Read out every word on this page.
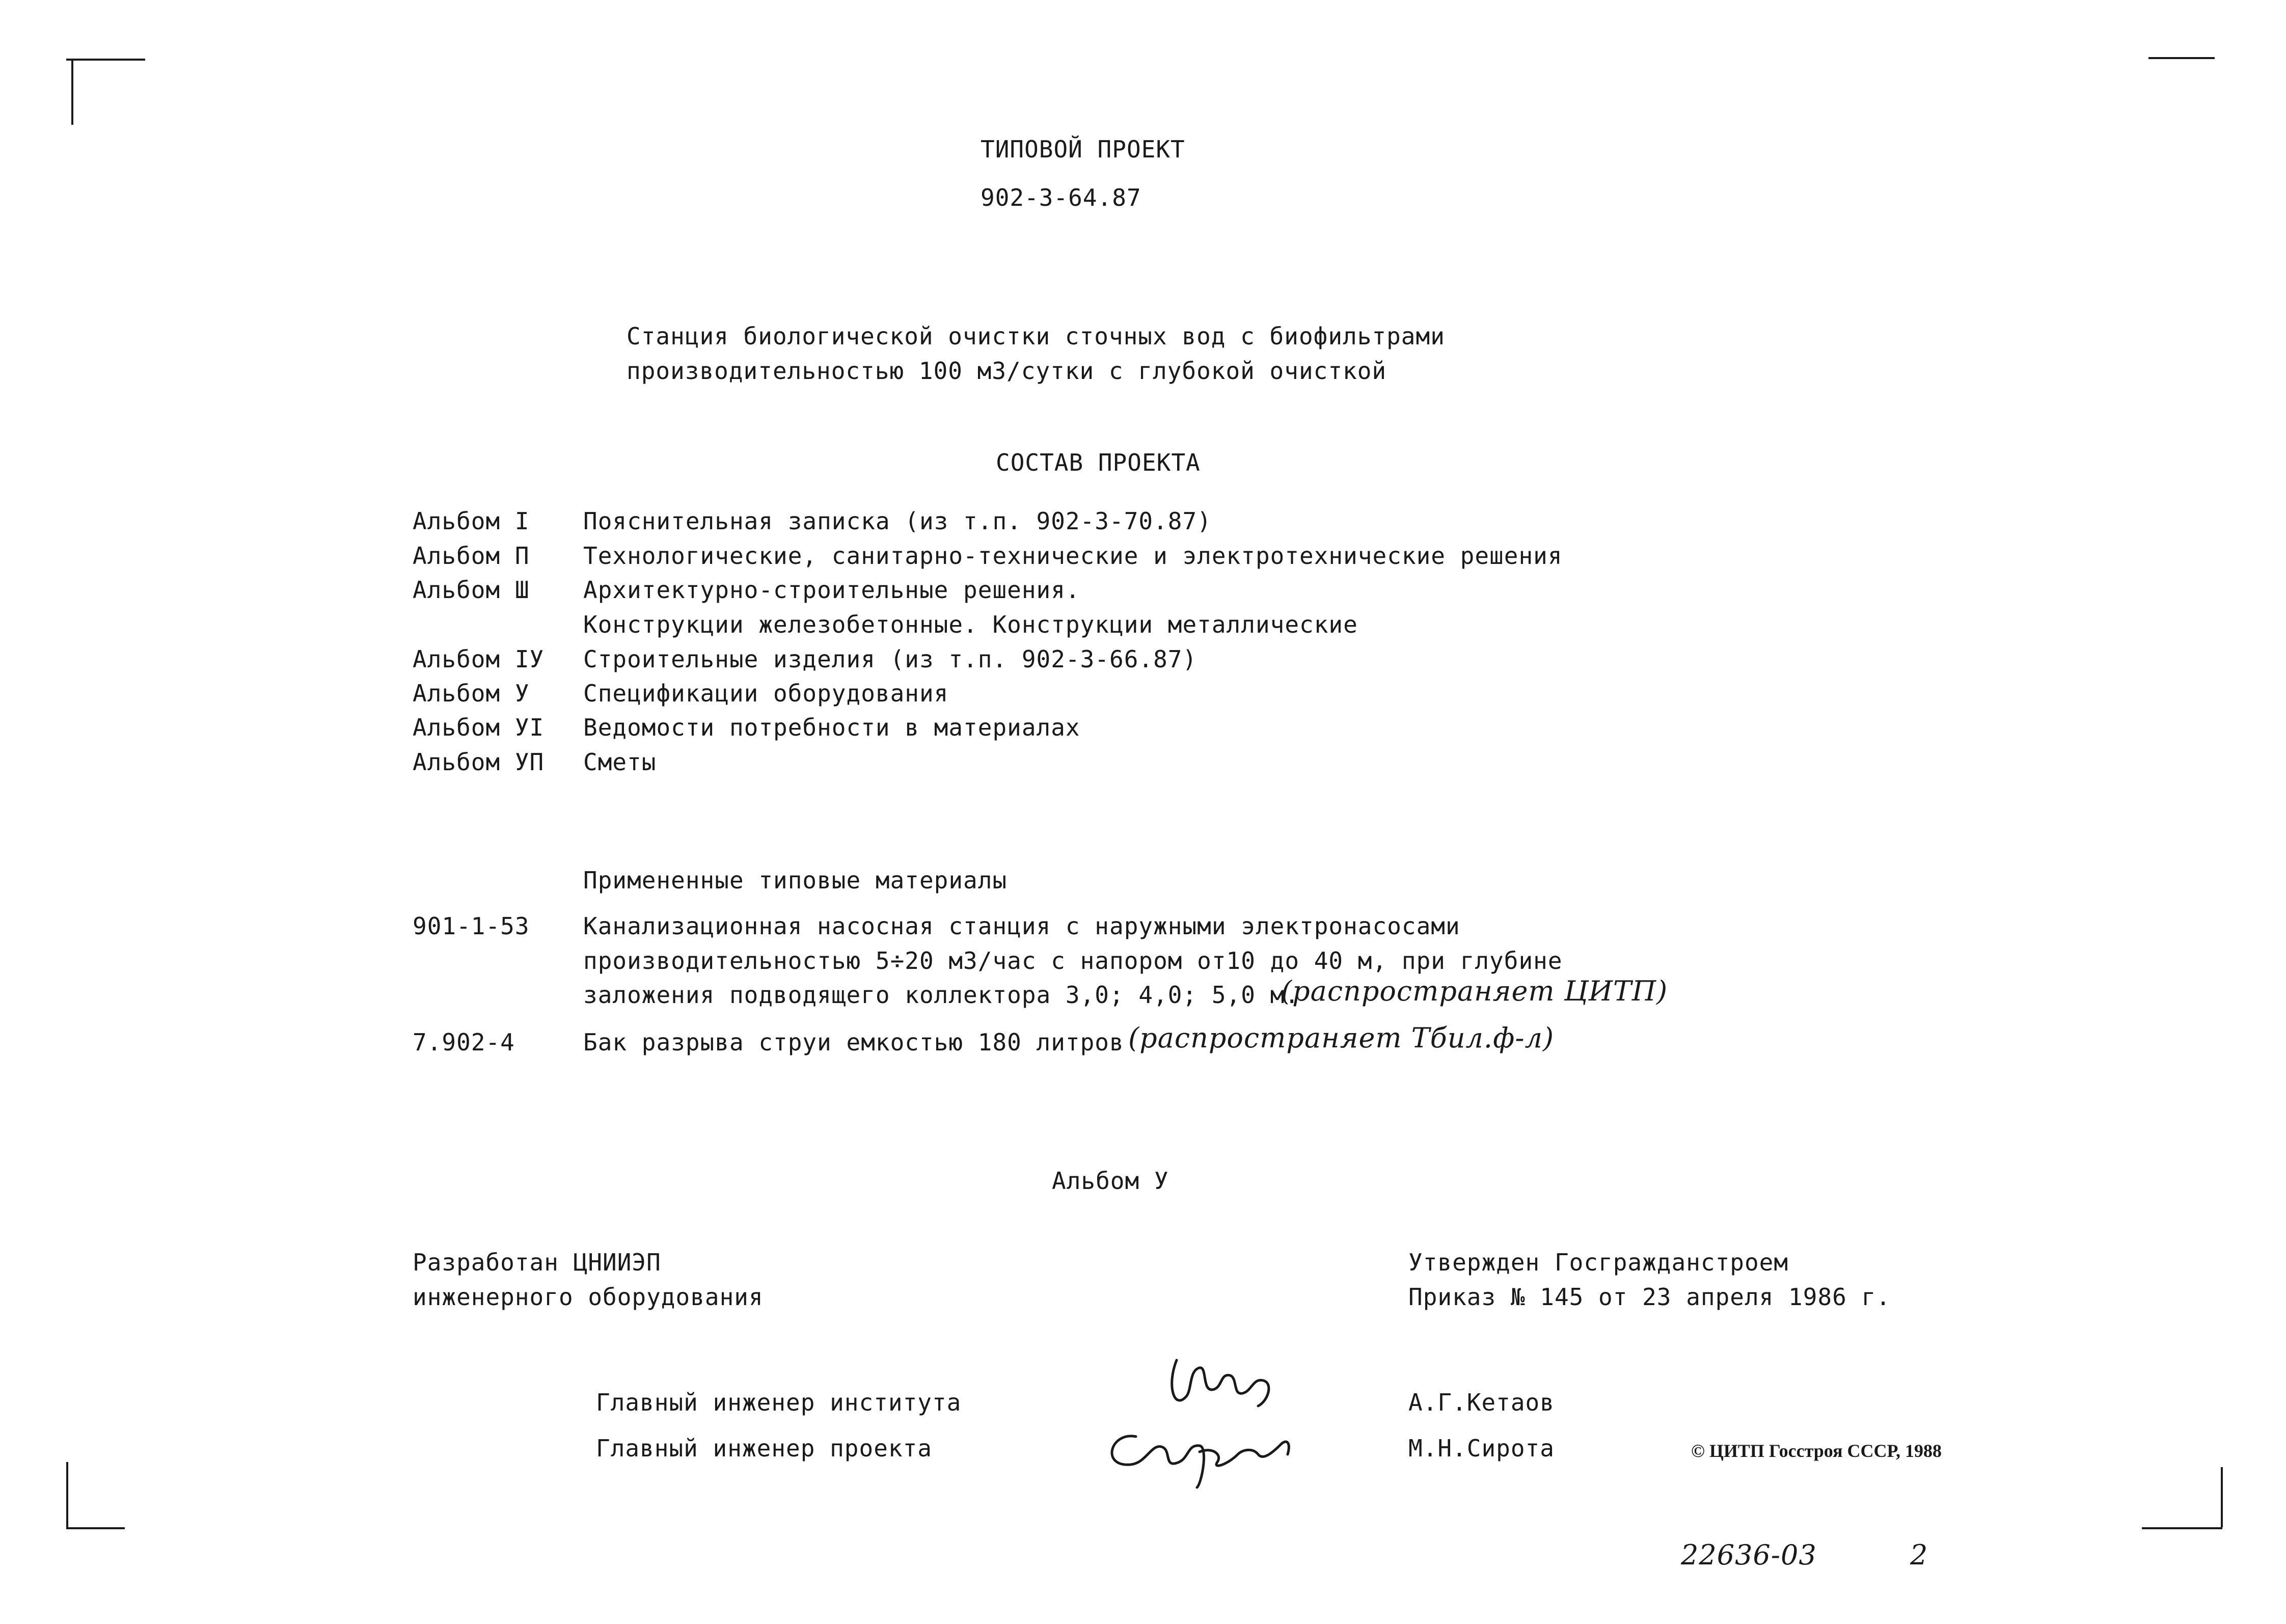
ТИПОВОЙ ПРОЕКТ
902-3-64.87
Станция биологической очистки сточных вод с биофильтрами
производительностью 100 м3/сутки с глубокой очисткой
СОСТАВ ПРОЕКТА
Альбом I Пояснительная записка (из т.п. 902-3-70.87)
Альбом П Технологические, санитарно-технические и электротехнические решения
Альбом Ш Архитектурно-строительные решения.
Конструкции железобетонные. Конструкции металлические
Альбом IУ Строительные изделия (из т.п. 902-3-66.87)
Альбом У Спецификации оборудования
Альбом УI Ведомости потребности в материалах
Альбом УП Сметы
Примененные типовые материалы
901-1-53 Канализационная насосная станция с наружными электронасосами
производительностью 5÷20 м3/час с напором от10 до 40 м, при глубине
заложения подводящего коллектора 3,0; 4,0; 5,0 м.
(распространяет ЦИТП)
7.902-4	Бак разрыва струи емкостью 180 литров (распространяет Тбил.ф-л)
Альбом У
Разработан ЦНИИЭП
инженерного оборудования
Утвержден Госгражданстроем
Приказ № 145 от 23 апреля 1986 г.
Главный инженер института	А.Г.Кетаов
Главный инженер проекта	М.Н.Сирота	© ЦИТП Госстроя СССР, 1988
22636-03	2
